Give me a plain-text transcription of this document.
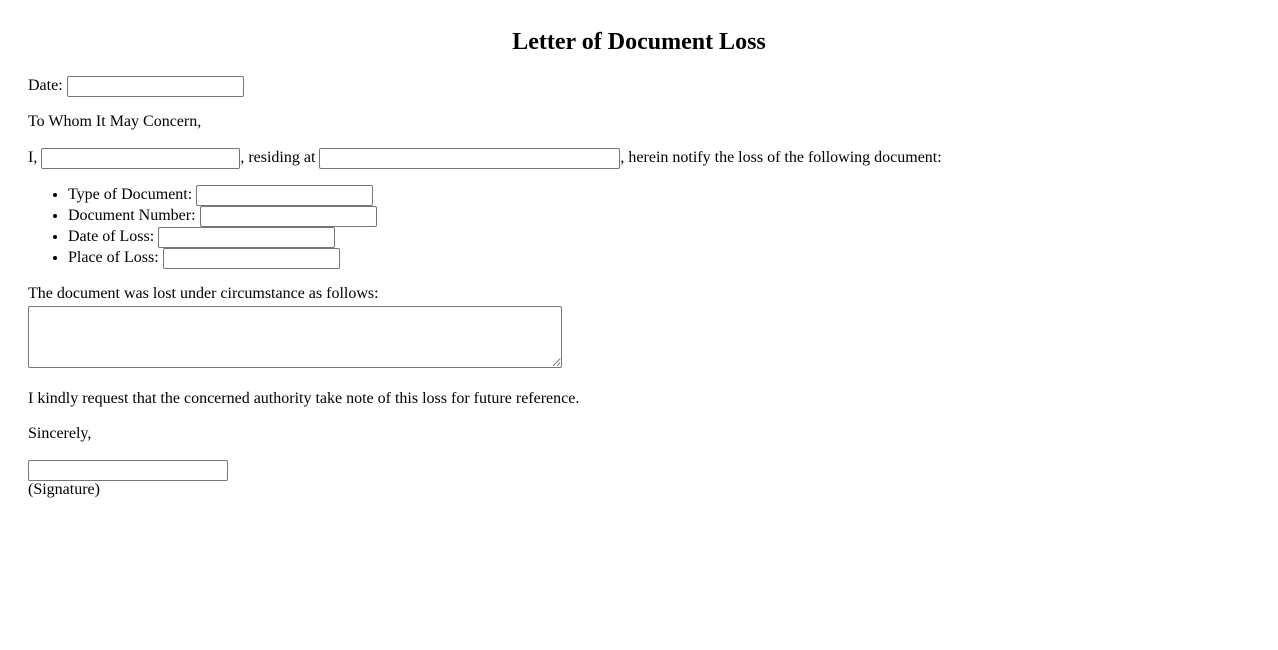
Letter of Document Loss

Date:

To Whom It May Concern,

I,	, residing at	, herein notify the loss of the following document:

• Type of Document:
• Document Number:
• Date of Loss:
• Place of Loss:

The document was lost under circumstance as follows:

I kindly request that the concerned authority take note of this loss for future reference.

Sincerely,

(Signature)
